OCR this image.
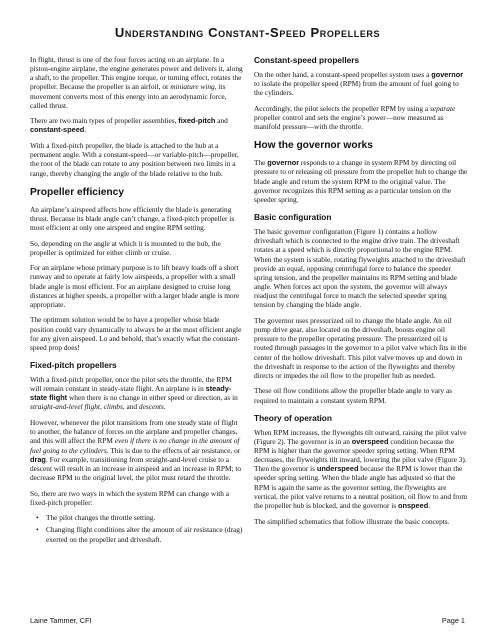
Understanding Constant-Speed Propellers

In flight, thrust is one of the four forces acting on an airplane. In a piston-engine airplane, the engine generates power and delivers it, along a shaft, to the propeller. This engine torque, or turning effect, rotates the propeller. Because the propeller is an airfoil, or miniature wing, its movement converts most of this energy into an aerodynamic force, called thrust.

There are two main types of propeller assemblies, fixed-pitch and constant-speed.

With a fixed-pitch propeller, the blade is attached to the hub at a permanent angle. With a constant-speed—or variable-pitch—propeller, the root of the blade can rotate to any position between two limits in a range, thereby changing the angle of the blade relative to the hub.

Propeller efficiency

An airplane’s airspeed affects how efficiently the blade is generating thrust. Because its blade angle can’t change, a fixed-pitch propeller is most efficient at only one airspeed and engine RPM setting.

So, depending on the angle at which it is mounted to the hub, the propeller is optimized for either climb or cruise.

For an airplane whose primary purpose is to lift heavy loads off a short runway and to operate at fairly low airspeeds, a propeller with a small blade angle is most efficient. For an airplane designed to cruise long distances at higher speeds, a propeller with a larger blade angle is more appropriate.

The optimum solution would be to have a propeller whose blade position could vary dynamically to always be at the most efficient angle for any given airspeed. Lo and behold, that’s exactly what the constant-speed prop does!

Fixed-pitch propellers

With a fixed-pitch propeller, once the pilot sets the throttle, the RPM will remain constant in steady-state flight. An airplane is in steady-state flight when there is no change in either speed or direction, as in straight-and-level flight, climbs, and descents.

However, whenever the pilot transitions from one steady state of flight to another, the balance of forces on the airplane and propeller changes, and this will affect the RPM even if there is no change in the amount of fuel going to the cylinders. This is due to the effects of air resistance, or drag. For example, transitioning from straight-and-level cruise to a descent will result in an increase in airspeed and an increase in RPM; to decrease RPM to the original level, the pilot must retard the throttle.

So, there are two ways in which the system RPM can change with a fixed-pitch propeller:

• The pilot changes the throttle setting.
• Changing flight conditions alter the amount of air resistance (drag) exerted on the propeller and driveshaft.
Constant-speed propellers

On the other hand, a constant-speed propeller system uses a governor to isolate the propeller speed (RPM) from the amount of fuel going to the cylinders.

Accordingly, the pilot selects the propeller RPM by using a separate propeller control and sets the engine’s power—now measured as manifold pressure—with the throttle.

How the governor works

The governor responds to a change in system RPM by directing oil pressure to or releasing oil pressure from the propeller hub to change the blade angle and return the system RPM to the original value. The governor recognizes this RPM setting as a particular tension on the speeder spring.

Basic configuration

The basic governor configuration (Figure 1) contains a hollow driveshaft which is connected to the engine drive train. The driveshaft rotates at a speed which is directly proportional to the engine RPM. When the system is stable, rotating flyweights attached to the driveshaft provide an equal, opposing centrifugal force to balance the speeder spring tension, and the propeller maintains its RPM setting and blade angle. When forces act upon the system, the governor will always readjust the centrifugal force to match the selected speeder spring tension by changing the blade angle.

The governor uses pressurized oil to change the blade angle. An oil pump drive gear, also located on the driveshaft, boosts engine oil pressure to the propeller operating pressure. The pressurized oil is routed through passages in the governor to a pilot valve which fits in the center of the hollow driveshaft. This pilot valve moves up and down in the driveshaft in response to the action of the flyweights and thereby directs or impedes the oil flow to the propeller hub as needed.

These oil flow conditions allow the propeller blade angle to vary as required to maintain a constant system RPM.

Theory of operation

When RPM increases, the flyweights tilt outward, raising the pilot valve (Figure 2). The governor is in an overspeed condition because the RPM is higher than the governor speeder spring setting. When RPM decreases, the flyweights tilt inward, lowering the pilot valve (Figure 3). Then the governor is underspeed because the RPM is lower than the speeder spring setting. When the blade angle has adjusted so that the RPM is again the same as the governor setting, the flyweights are vertical, the pilot valve returns to a neutral position, oil flow to and from the propeller hub is blocked, and the governor is onspeed.

The simplified schematics that follow illustrate the basic concepts.

Laine Tammer, CFI	Page 1
